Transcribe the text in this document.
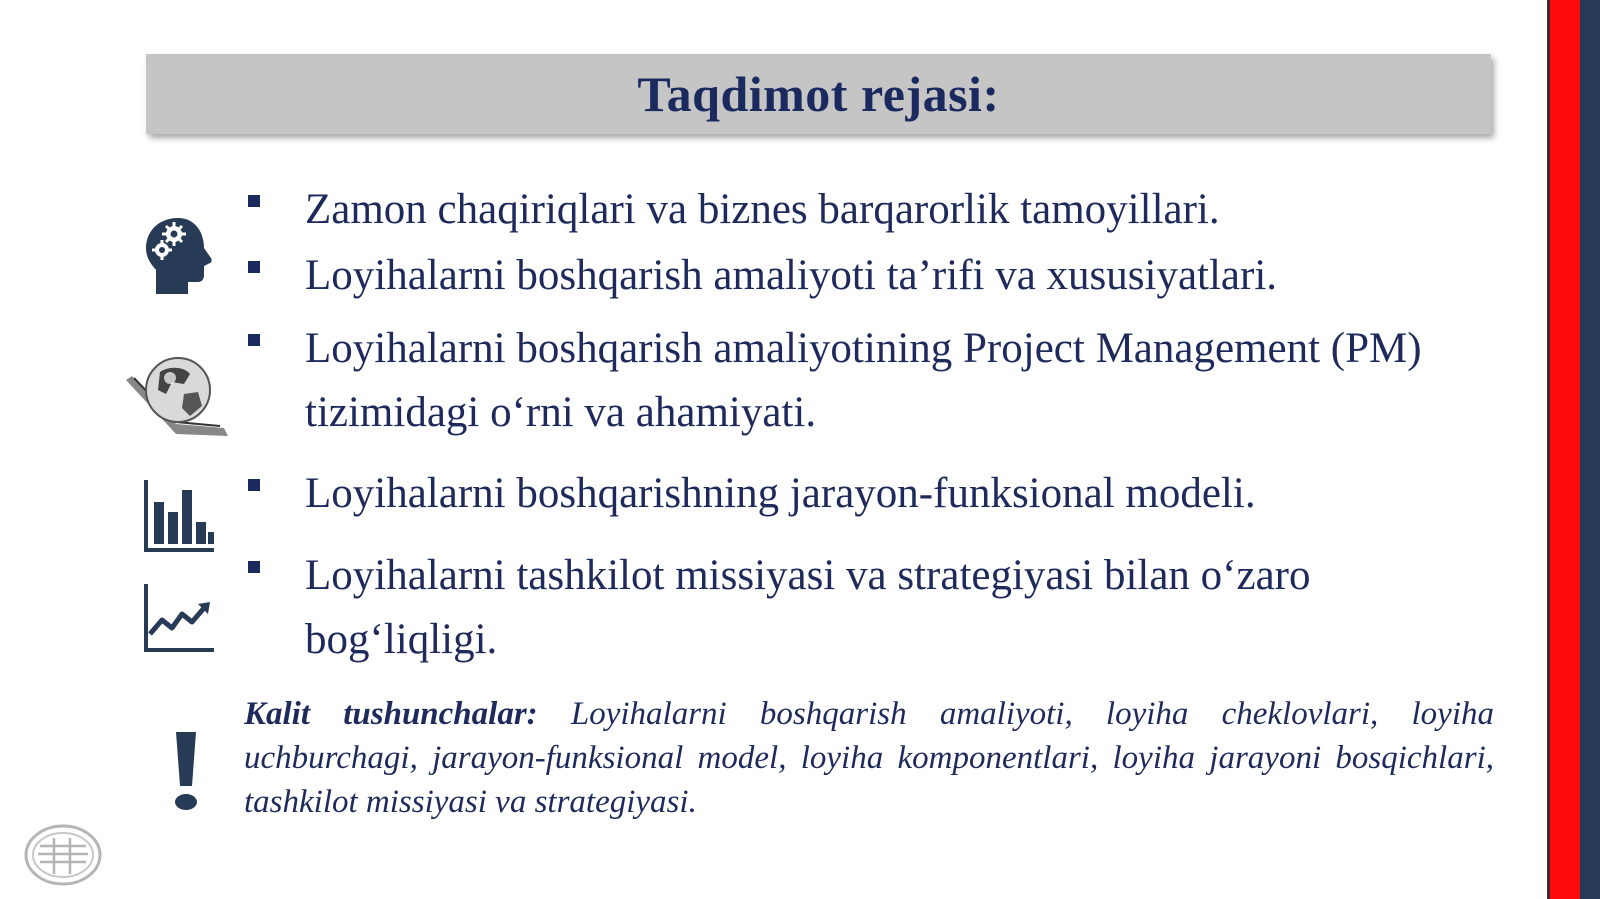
Taqdimot rejasi:
Zamon chaqiriqlari va biznes barqarorlik tamoyillari.
Loyihalarni boshqarish amaliyoti ta’rifi va xususiyatlari.
Loyihalarni boshqarish amaliyotining Project Management (PM) tizimidagi o‘rni va ahamiyati.
Loyihalarni boshqarishning jarayon-funksional modeli.
Loyihalarni tashkilot missiyasi va strategiyasi bilan o‘zaro bog‘liqligi.
Kalit tushunchalar: Loyihalarni boshqarish amaliyoti, loyiha cheklovlari, loyiha uchburchagi, jarayon-funksional model, loyiha komponentlari, loyiha jarayoni bosqichlari, tashkilot missiyasi va strategiyasi.
